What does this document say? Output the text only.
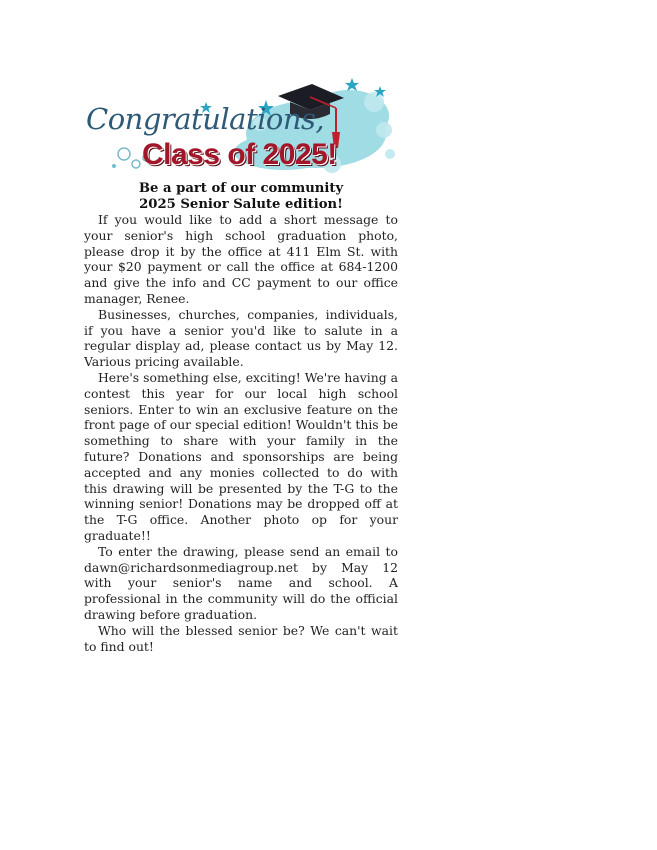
Congratulations,
Class of 2025!
Be a part of our community
2025 Senior Salute edition!

If you would like to add a short message to your senior's high school graduation photo, please drop it by the office at 411 Elm St. with your $20 payment or call the office at 684-1200 and give the info and CC payment to our office manager, Renee.

Businesses, churches, companies, individuals, if you have a senior you'd like to salute in a regular display ad, please contact us by May 12. Various pricing available.

Here's something else, exciting! We're having a contest this year for our local high school seniors. Enter to win an exclusive feature on the front page of our special edition! Wouldn't this be something to share with your family in the future? Donations and sponsorships are being accepted and any monies collected to do with this drawing will be presented by the T-G to the winning senior! Donations may be dropped off at the T-G office. Another photo op for your graduate!!

To enter the drawing, please send an email to dawn@richardsonmediagroup.net by May 12 with your senior's name and school. A professional in the community will do the official drawing before graduation.

Who will the blessed senior be? We can't wait to find out!
